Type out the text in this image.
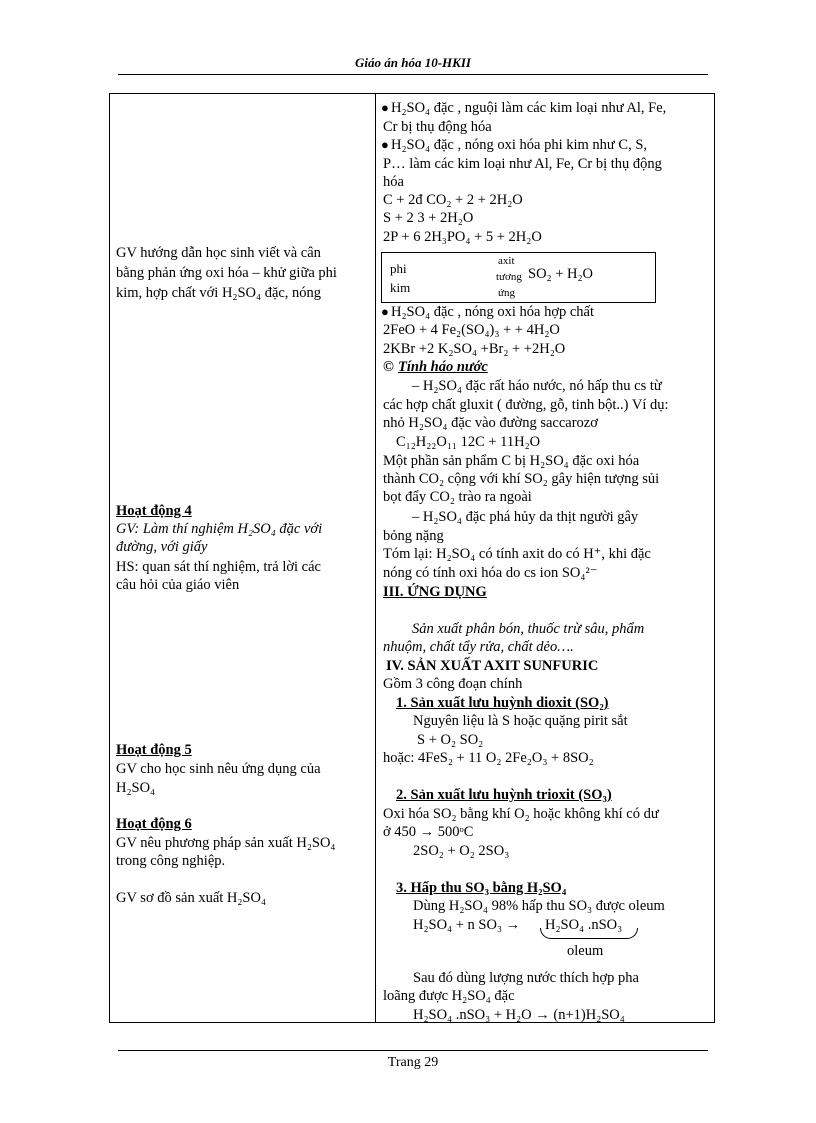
Giáo án hóa 10-HKII
GV hướng dẫn học sinh viết và cân
bằng phản ứng oxi hóa – khử giữa phi
kim, hợp chất với H₂SO₄ đặc, nóng
Hoạt động 4
GV: Làm thí nghiệm H₂SO₄ đặc với
đường, với giấy
HS: quan sát thí nghiệm, trả lời các
câu hỏi của giáo viên
Hoạt động 5
GV cho học sinh nêu ứng dụng của
H₂SO₄
Hoạt động 6
GV nêu phương pháp sản xuất H₂SO₄
trong công nghiệp.
GV sơ đồ sản xuất H₂SO₄
● H₂SO₄ đặc , nguội làm các kim loại như Al, Fe,
Cr bị thụ động hóa
● H₂SO₄ đặc , nóng oxi hóa phi kim như C, S,
P… làm các kim loại như Al, Fe, Cr bị thụ động
hóa
C + 2đ CO₂ + 2 + 2H₂O
S + 2 3 + 2H₂O
2P + 6 2H₃PO₄ + 5 + 2H₂O
phi
kim
axit
tương
ứng
SO₂ + H₂O
● H₂SO₄ đặc , nóng oxi hóa hợp chất
2FeO + 4 Fe₂(SO₄)₃ + + 4H₂O
2KBr +2 K₂SO₄ +Br₂ + +2H₂O
© Tính háo nước
– H₂SO₄ đặc rất háo nước, nó hấp thu cs từ
các hợp chất gluxit ( đường, gỗ, tinh bột..) Ví dụ:
nhỏ H₂SO₄ đặc vào đường saccarozơ
C₁₂H₂₂O₁₁ 12C + 11H₂O
Một phần sản phẩm C bị H₂SO₄ đặc oxi hóa
thành CO₂ cộng với khí SO₂ gây hiện tượng sủi
bọt đẩy CO₂ trào ra ngoài
– H₂SO₄ đặc phá hủy da thịt người gây
bỏng nặng
Tóm lại: H₂SO₄ có tính axit do có H⁺, khi đặc
nóng có tính oxi hóa do cs ion SO₄²⁻
III. ỨNG DỤNG
Sản xuất phân bón, thuốc trừ sâu, phẩm
nhuộm, chất tẩy rửa, chất dẻo….
IV. SẢN XUẤT AXIT SUNFURIC
Gồm 3 công đoạn chính
1. Sản xuất lưu huỳnh dioxit (SO₂)
Nguyên liệu là S hoặc quặng pirit sắt
S + O₂ SO₂
hoặc: 4FeS₂ + 11 O₂ 2Fe₂O₃ + 8SO₂
2. Sản xuất lưu huỳnh trioxit (SO₃)
Oxi hóa SO₂ bằng khí O₂ hoặc không khí có dư
ở 450 → 500ᵒC
2SO₂ + O₂ 2SO₃
3. Hấp thu SO₃ bằng H₂SO₄
Dùng H₂SO₄ 98% hấp thu SO₃ được oleum
H₂SO₄ + n SO₃ → H₂SO₄ .nSO₃
oleum
Sau đó dùng lượng nước thích hợp pha
loãng được H₂SO₄ đặc
H₂SO₄ .nSO₃ + H₂O → (n+1)H₂SO₄
Trang 29
